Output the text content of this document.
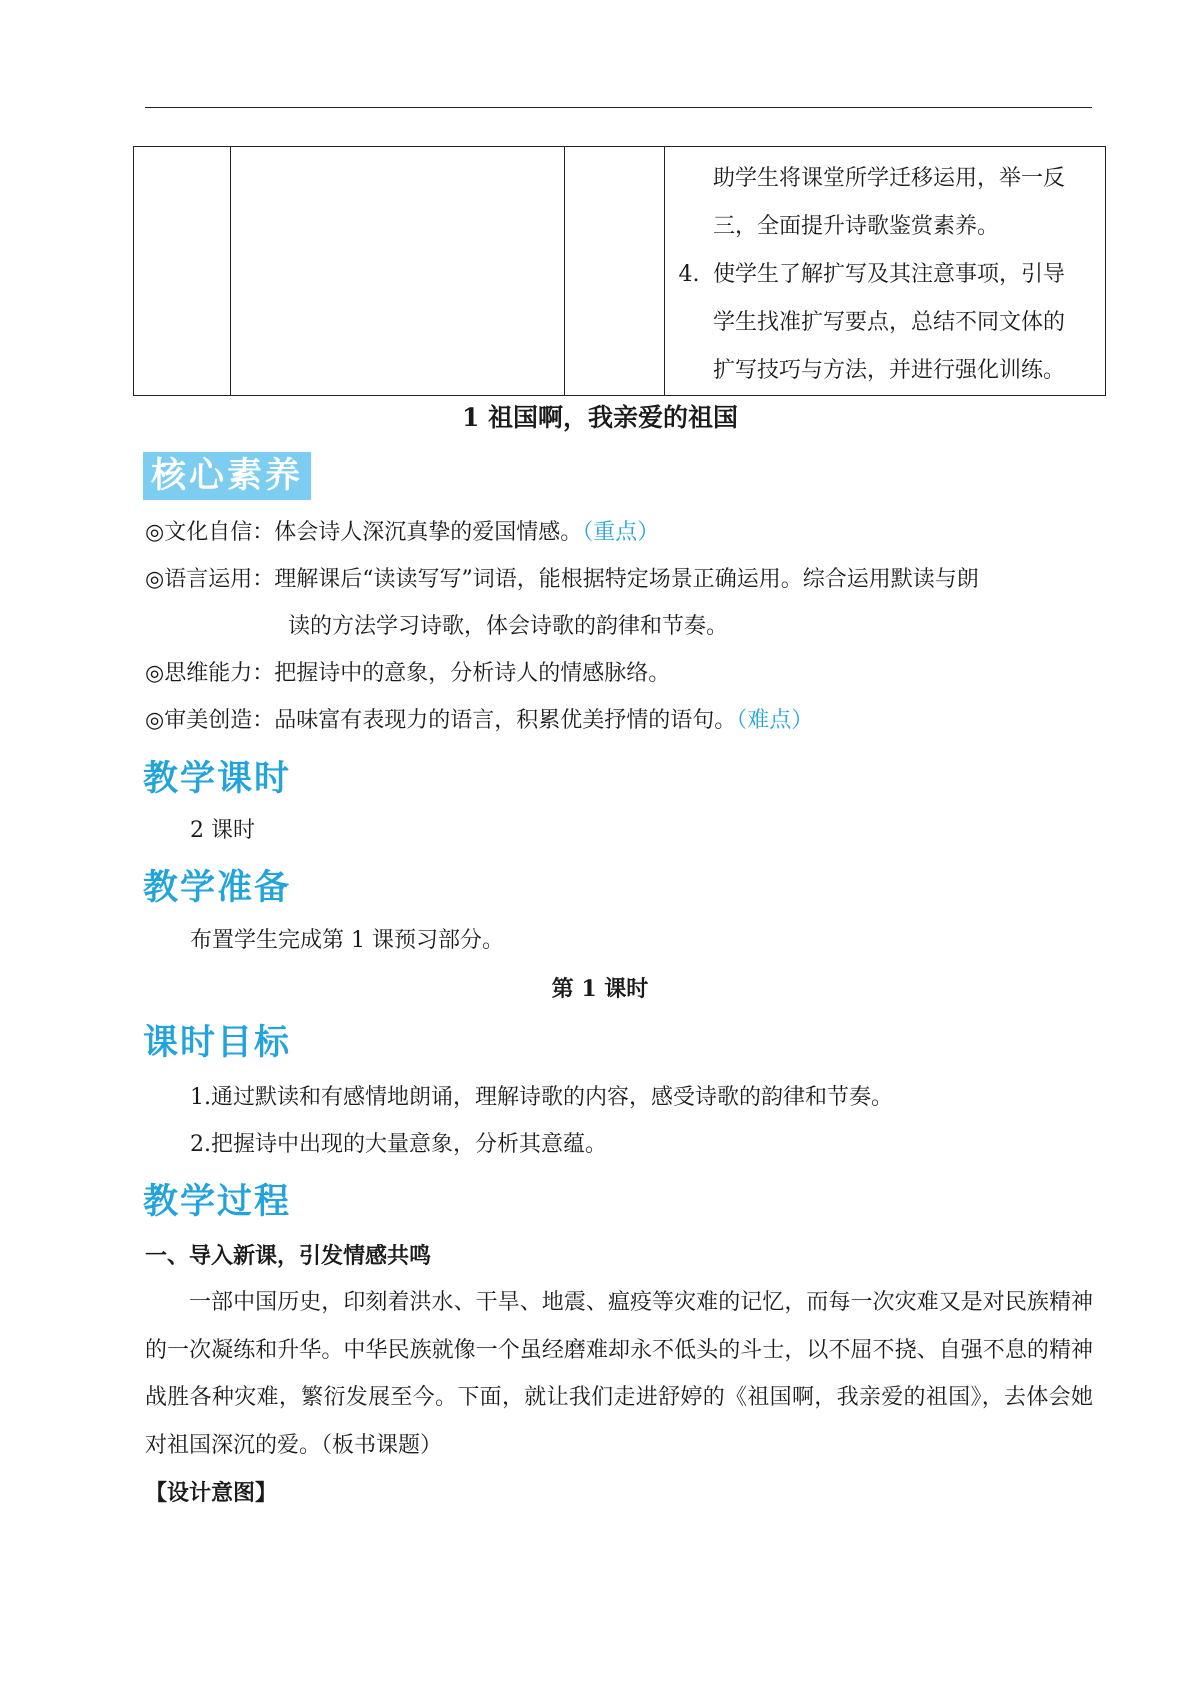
助学生将课堂所学迁移运用，举一反
三，全面提升诗歌鉴赏素养。
4. 使学生了解扩写及其注意事项，引导
学生找准扩写要点，总结不同文体的
扩写技巧与方法，并进行强化训练。
1 祖国啊，我亲爱的祖国
核心素养
◎文化自信：体会诗人深沉真挚的爱国情感。（重点）
◎语言运用：理解课后“读读写写”词语，能根据特定场景正确运用。综合运用默读与朗
读的方法学习诗歌，体会诗歌的韵律和节奏。
◎思维能力：把握诗中的意象，分析诗人的情感脉络。
◎审美创造：品味富有表现力的语言，积累优美抒情的语句。（难点）
教学课时
2 课时
教学准备
布置学生完成第 1 课预习部分。
第 1 课时
课时目标
1.通过默读和有感情地朗诵，理解诗歌的内容，感受诗歌的韵律和节奏。
2.把握诗中出现的大量意象，分析其意蕴。
教学过程
一、导入新课，引发情感共鸣
一部中国历史，印刻着洪水、干旱、地震、瘟疫等灾难的记忆，而每一次灾难又是对民族精神的一次凝练和升华。中华民族就像一个虽经磨难却永不低头的斗士，以不屈不挠、自强不息的精神战胜各种灾难，繁衍发展至今。下面，就让我们走进舒婷的《祖国啊，我亲爱的祖国》，去体会她对祖国深沉的爱。（板书课题）
【设计意图】
